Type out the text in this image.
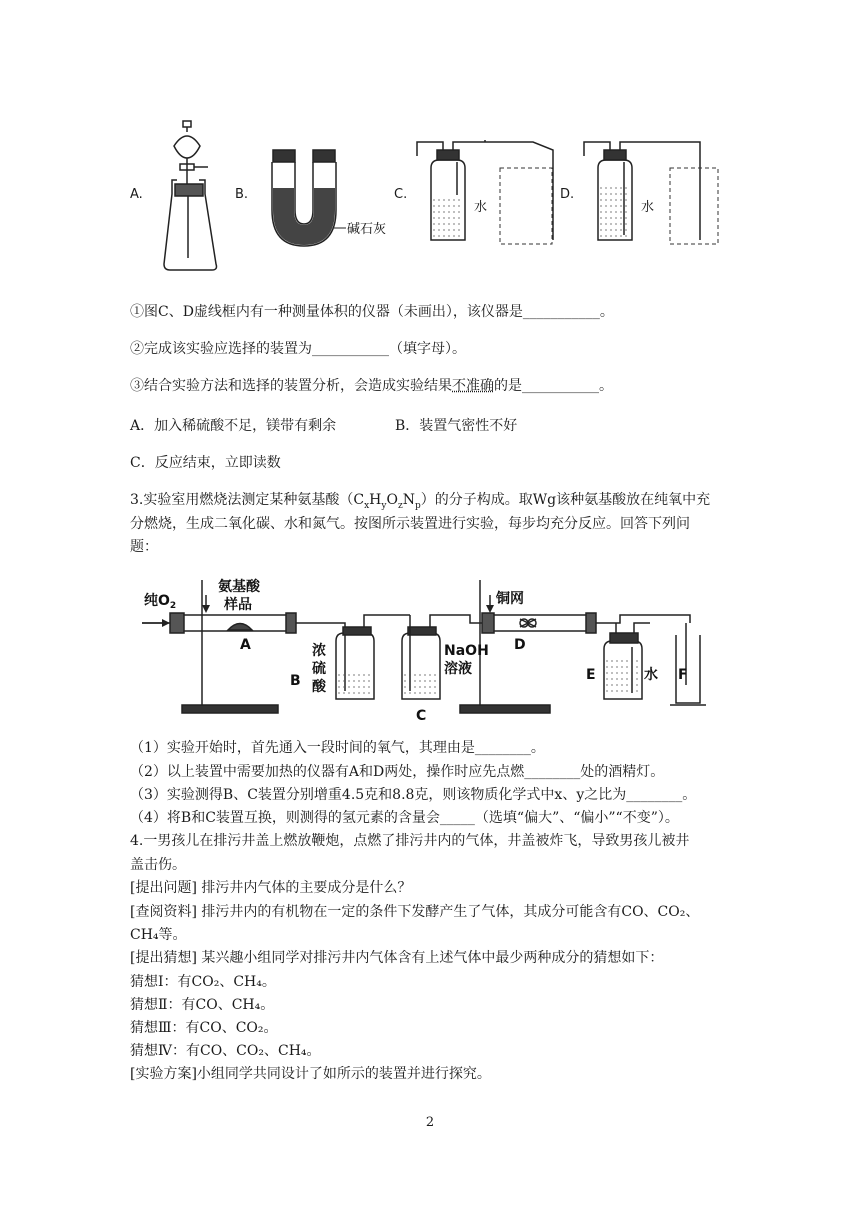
A.	B.	C.	D.
碱石灰
水	水
①图C、D虚线框内有一种测量体积的仪器（未画出），该仪器是___________。
②完成该实验应选择的装置为___________（填字母）。
③结合实验方法和选择的装置分析，会造成实验结果不准确的是___________。
A．加入稀硫酸不足，镁带有剩余	B．装置气密性不好
C．反应结束，立即读数
3.实验室用燃烧法测定某种氨基酸$(C_xH_yO_zN_p)$的分子构成。取Wg该种氨基酸放在纯氧中充
分燃烧，生成二氧化碳、水和氮气。按图所示装置进行实验，每步均充分反应。回答下列问
题：
纯$O_2$
氨基酸
样品
A	浓
B
硫
酸
NaOH
溶液
C
铜网
D
E	水 F
（1）实验开始时，首先通入一段时间的氧气，其理由是________。
（2）以上装置中需要加热的仪器有A和D两处，操作时应先点燃________处的酒精灯。
（3）实验测得B、C装置分别增重4.5克和8.8克，则该物质化学式中x、y之比为________。
（4）将B和C装置互换，则测得的氢元素的含量会_____（选填“偏大”、“偏小”“不变”）。
4.一男孩儿在排污井盖上燃放鞭炮，点燃了排污井内的气体，井盖被炸飞，导致男孩儿被井
盖击伤。
[提出问题] 排污井内气体的主要成分是什么？
[查阅资料] 排污井内的有机物在一定的条件下发酵产生了气体，其成分可能含有CO、CO₂、
CH₄等。
[提出猜想] 某兴趣小组同学对排污井内气体含有上述气体中最少两种成分的猜想如下：
猜想Ⅰ：有CO₂、CH₄。
猜想Ⅱ：有CO、CH₄。
猜想Ⅲ：有CO、CO₂。
猜想Ⅳ：有CO、CO₂、CH₄。
[实验方案]小组同学共同设计了如所示的装置并进行探究。
2
